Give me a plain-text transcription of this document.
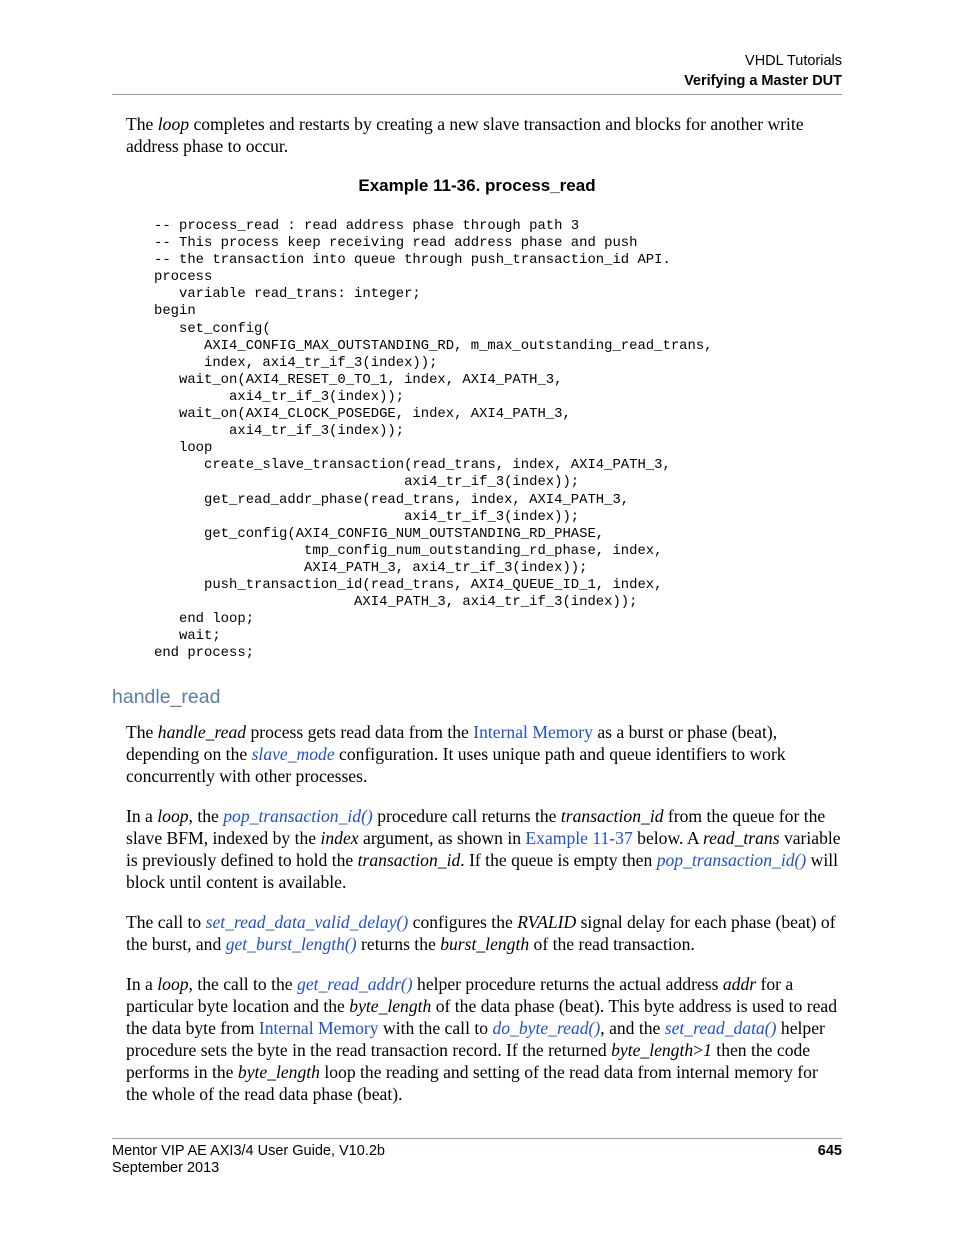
VHDL Tutorials
Verifying a Master DUT

The loop completes and restarts by creating a new slave transaction and blocks for another write address phase to occur.

Example 11-36. process_read
-- process_read : read address phase through path 3
-- This process keep receiving read address phase and push
-- the transaction into queue through push_transaction_id API.
process
variable read_trans: integer;
begin
set_config(
AXI4_CONFIG_MAX_OUTSTANDING_RD, m_max_outstanding_read_trans,
index, axi4_tr_if_3(index));
wait_on(AXI4_RESET_0_TO_1, index, AXI4_PATH_3,
axi4_tr_if_3(index));
wait_on(AXI4_CLOCK_POSEDGE, index, AXI4_PATH_3,
axi4_tr_if_3(index));
loop
create_slave_transaction(read_trans, index, AXI4_PATH_3,
axi4_tr_if_3(index));
get_read_addr_phase(read_trans, index, AXI4_PATH_3,
axi4_tr_if_3(index));
get_config(AXI4_CONFIG_NUM_OUTSTANDING_RD_PHASE,
tmp_config_num_outstanding_rd_phase, index,
AXI4_PATH_3, axi4_tr_if_3(index));
push_transaction_id(read_trans, AXI4_QUEUE_ID_1, index,
AXI4_PATH_3, axi4_tr_if_3(index));
end loop;
wait;
end process;
handle_read

The handle_read process gets read data from the Internal Memory as a burst or phase (beat), depending on the slave_mode configuration. It uses unique path and queue identifiers to work concurrently with other processes.

In a loop, the pop_transaction_id() procedure call returns the transaction_id from the queue for the slave BFM, indexed by the index argument, as shown in Example 11-37 below. A read_trans variable is previously defined to hold the transaction_id. If the queue is empty then pop_transaction_id() will block until content is available.

The call to set_read_data_valid_delay() configures the RVALID signal delay for each phase (beat) of the burst, and get_burst_length() returns the burst_length of the read transaction.

In a loop, the call to the get_read_addr() helper procedure returns the actual address addr for a particular byte location and the byte_length of the data phase (beat). This byte address is used to read the data byte from Internal Memory with the call to do_byte_read(), and the set_read_data() helper procedure sets the byte in the read transaction record. If the returned byte_length>1 then the code performs in the byte_length loop the reading and setting of the read data from internal memory for the whole of the read data phase (beat).

Mentor VIP AE AXI3/4 User Guide, V10.2b
September 2013
645
